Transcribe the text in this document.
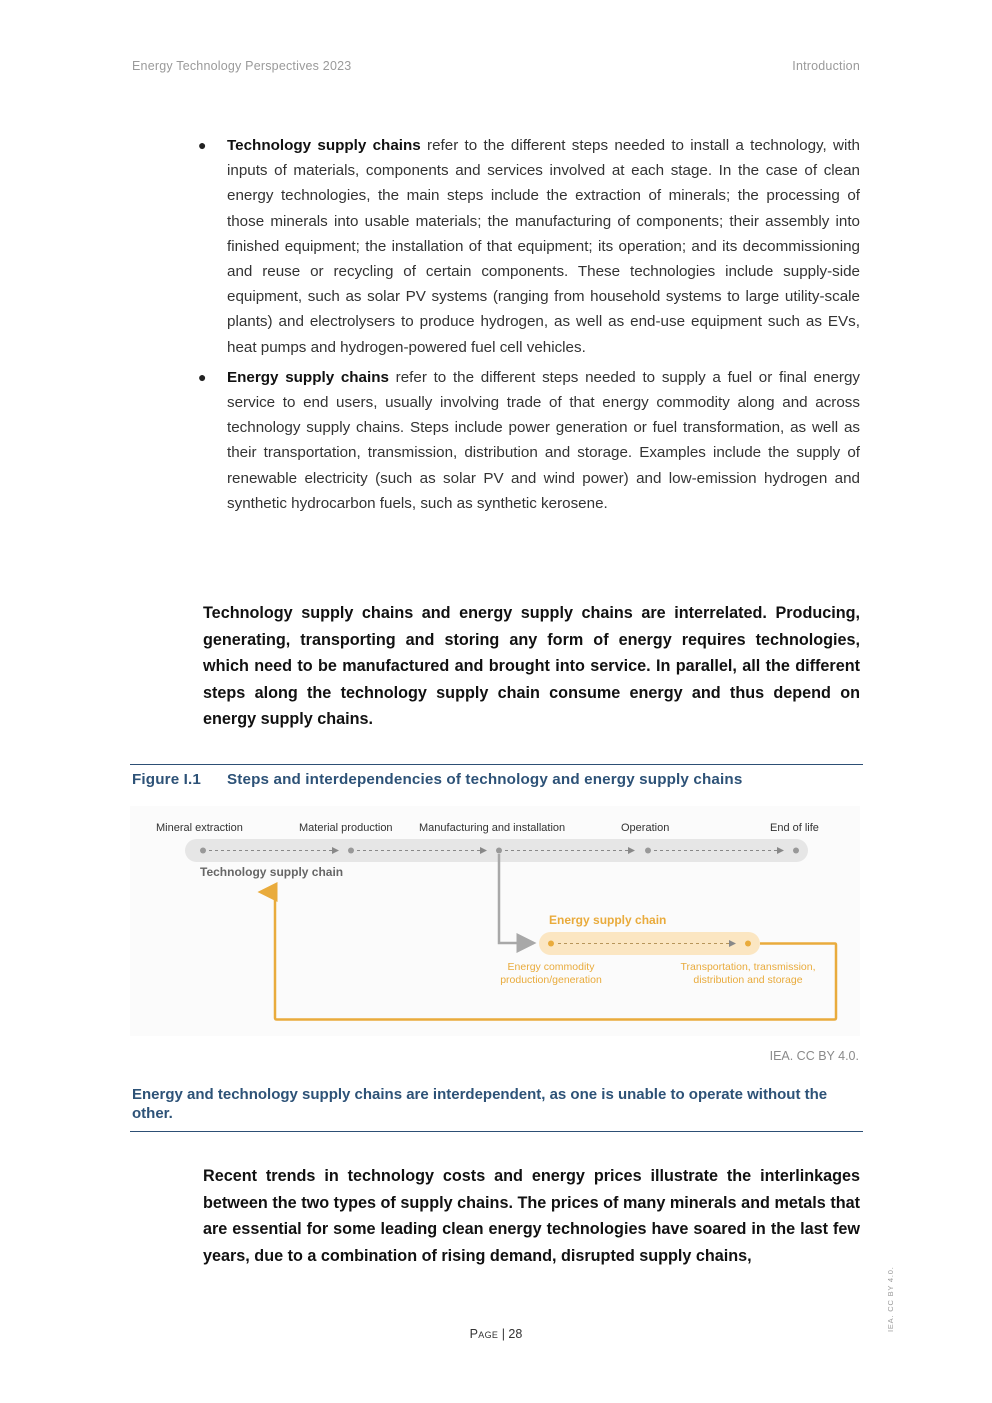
Energy Technology Perspectives 2023	Introduction
● Technology supply chains refer to the different steps needed to install a technology, with inputs of materials, components and services involved at each stage. In the case of clean energy technologies, the main steps include the extraction of minerals; the processing of those minerals into usable materials; the manufacturing of components; their assembly into finished equipment; the installation of that equipment; its operation; and its decommissioning and reuse or recycling of certain components. These technologies include supply-side equipment, such as solar PV systems (ranging from household systems to large utility-scale plants) and electrolysers to produce hydrogen, as well as end-use equipment such as EVs, heat pumps and hydrogen-powered fuel cell vehicles.
● Energy supply chains refer to the different steps needed to supply a fuel or final energy service to end users, usually involving trade of that energy commodity along and across technology supply chains. Steps include power generation or fuel transformation, as well as their transportation, transmission, distribution and storage. Examples include the supply of renewable electricity (such as solar PV and wind power) and low-emission hydrogen and synthetic hydrocarbon fuels, such as synthetic kerosene.

Technology supply chains and energy supply chains are interrelated. Producing, generating, transporting and storing any form of energy requires technologies, which need to be manufactured and brought into service. In parallel, all the different steps along the technology supply chain consume energy and thus depend on energy supply chains.

Figure I.1 Steps and interdependencies of technology and energy supply chains
Mineral extraction	Material production Manufacturing and installation	Operation	End of life
Technology supply chain
Energy supply chain
Energy commodity
production/generation
Transportation, transmission,
distribution and storage
IEA. CC BY 4.0.

Energy and technology supply chains are interdependent, as one is unable to operate without the other.

Recent trends in technology costs and energy prices illustrate the interlinkages between the two types of supply chains. The prices of many minerals and metals that are essential for some leading clean energy technologies have soared in the last few years, due to a combination of rising demand, disrupted supply chains,

Page | 28
IEA. CC BY 4.0.
